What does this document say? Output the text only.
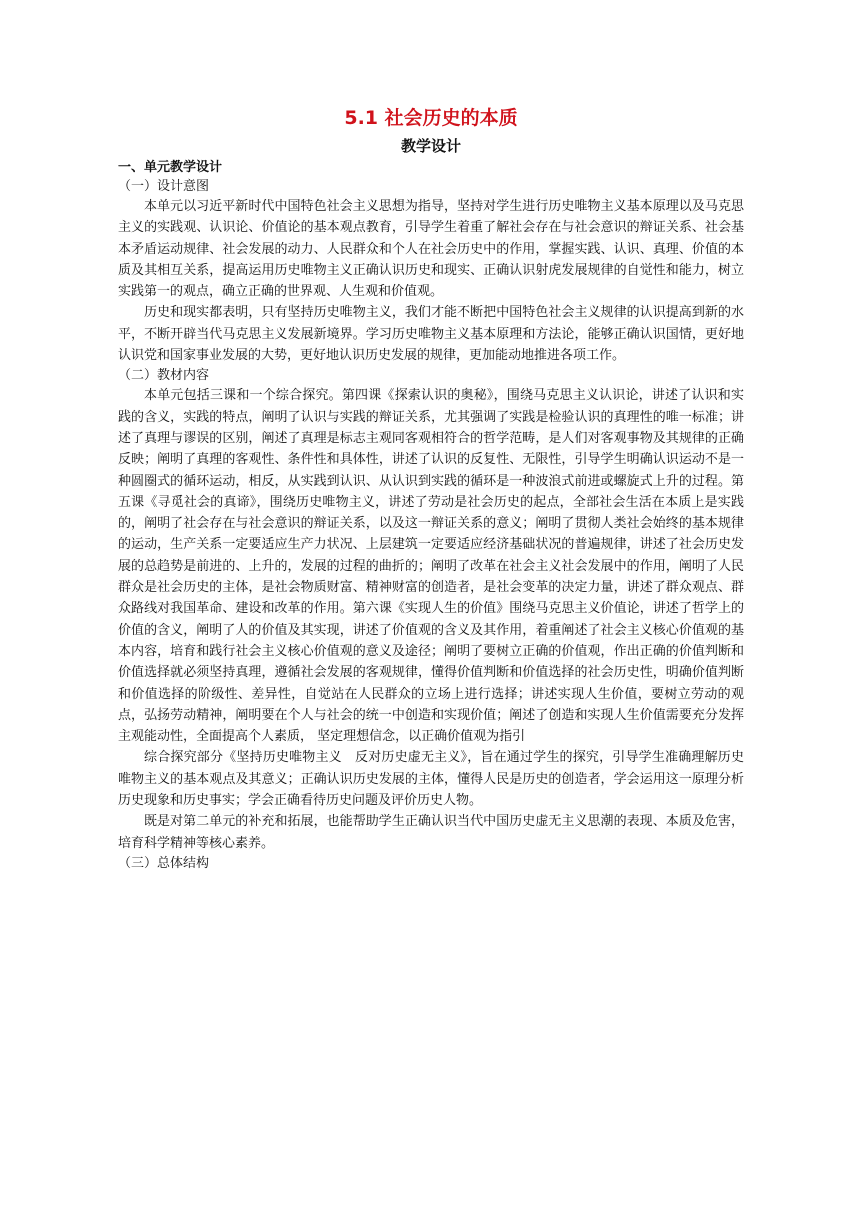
5.1 社会历史的本质
教学设计
一、单元教学设计
（一）设计意图

本单元以习近平新时代中国特色社会主义思想为指导，坚持对学生进行历史唯物主义基本原理以及马克思主义的实践观、认识论、价值论的基本观点教育，引导学生着重了解社会存在与社会意识的辩证关系、社会基本矛盾运动规律、社会发展的动力、人民群众和个人在社会历史中的作用，掌握实践、认识、真理、价值的本质及其相互关系，提高运用历史唯物主义正确认识历史和现实、正确认识射虎发展规律的自觉性和能力，树立实践第一的观点，确立正确的世界观、人生观和价值观。

历史和现实都表明，只有坚持历史唯物主义，我们才能不断把中国特色社会主义规律的认识提高到新的水平，不断开辟当代马克思主义发展新境界。学习历史唯物主义基本原理和方法论，能够正确认识国情，更好地认识党和国家事业发展的大势，更好地认识历史发展的规律，更加能动地推进各项工作。

（二）教材内容

本单元包括三课和一个综合探究。第四课《探索认识的奥秘》，围绕马克思主义认识论，讲述了认识和实践的含义，实践的特点，阐明了认识与实践的辩证关系，尤其强调了实践是检验认识的真理性的唯一标准；讲述了真理与谬误的区别，阐述了真理是标志主观同客观相符合的哲学范畴，是人们对客观事物及其规律的正确反映；阐明了真理的客观性、条件性和具体性，讲述了认识的反复性、无限性，引导学生明确认识运动不是一种圆圈式的循环运动，相反，从实践到认识、从认识到实践的循环是一种波浪式前进或螺旋式上升的过程。第五课《寻觅社会的真谛》，围绕历史唯物主义，讲述了劳动是社会历史的起点，全部社会生活在本质上是实践的，阐明了社会存在与社会意识的辩证关系，以及这一辩证关系的意义；阐明了贯彻人类社会始终的基本规律的运动，生产关系一定要适应生产力状况、上层建筑一定要适应经济基础状况的普遍规律，讲述了社会历史发展的总趋势是前进的、上升的，发展的过程的曲折的；阐明了改革在社会主义社会发展中的作用，阐明了人民群众是社会历史的主体，是社会物质财富、精神财富的创造者，是社会变革的决定力量，讲述了群众观点、群众路线对我国革命、建设和改革的作用。第六课《实现人生的价值》围绕马克思主义价值论，讲述了哲学上的价值的含义，阐明了人的价值及其实现，讲述了价值观的含义及其作用，着重阐述了社会主义核心价值观的基本内容，培育和践行社会主义核心价值观的意义及途径；阐明了要树立正确的价值观，作出正确的价值判断和价值选择就必须坚持真理，遵循社会发展的客观规律，懂得价值判断和价值选择的社会历史性，明确价值判断和价值选择的阶级性、差异性，自觉站在人民群众的立场上进行选择；讲述实现人生价值，要树立劳动的观点，弘扬劳动精神，阐明要在个人与社会的统一中创造和实现价值；阐述了创造和实现人生价值需要充分发挥主观能动性，全面提高个人素质， 坚定理想信念，以正确价值观为指引

综合探究部分《坚持历史唯物主义　反对历史虚无主义》，旨在通过学生的探究，引导学生准确理解历史唯物主义的基本观点及其意义；正确认识历史发展的主体，懂得人民是历史的创造者，学会运用这一原理分析历史现象和历史事实；学会正确看待历史问题及评价历史人物。

既是对第二单元的补充和拓展，也能帮助学生正确认识当代中国历史虚无主义思潮的表现、本质及危害，培育科学精神等核心素养。

（三）总体结构
